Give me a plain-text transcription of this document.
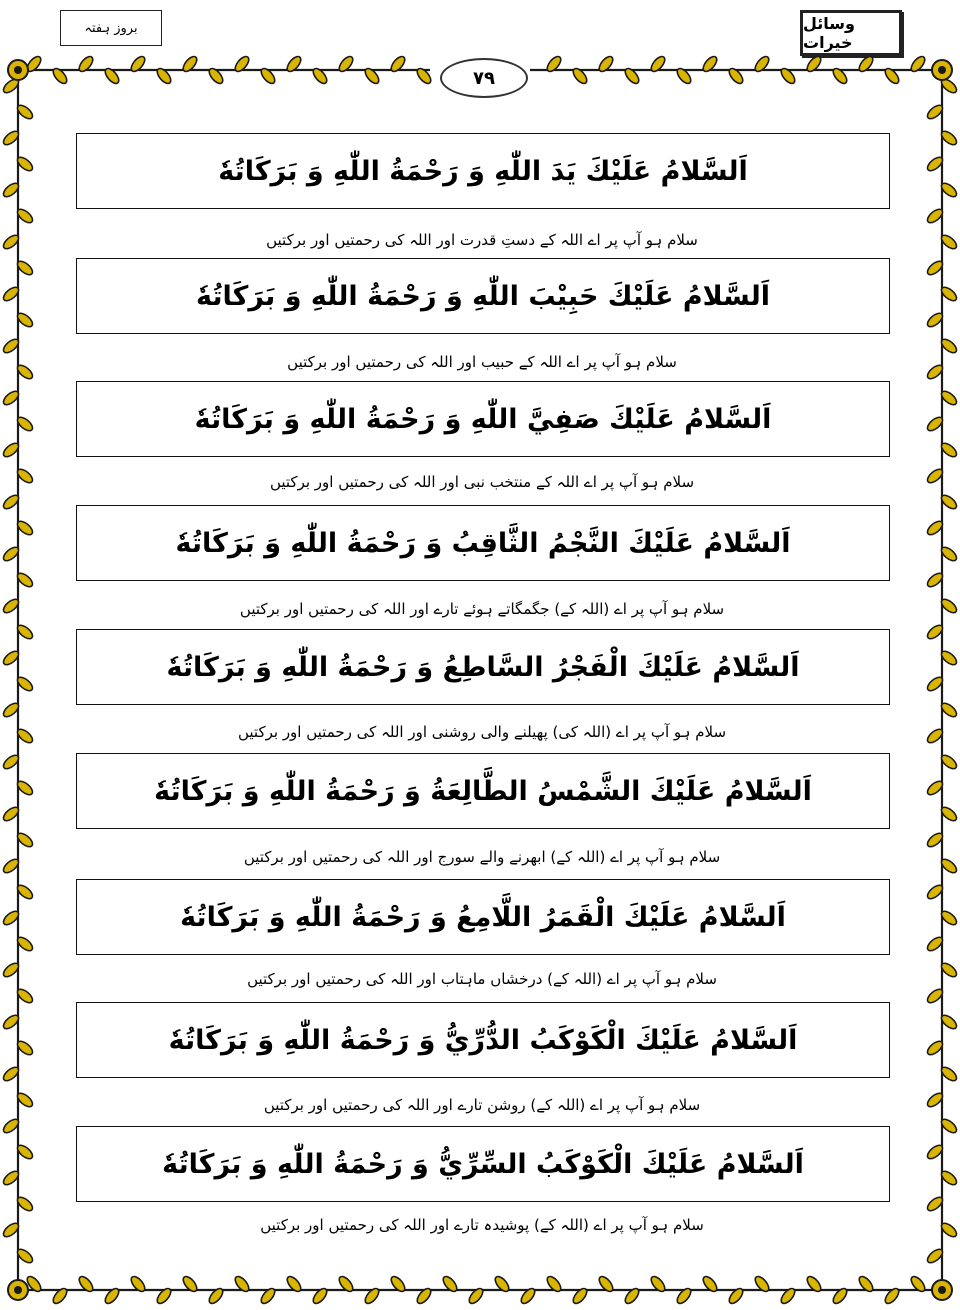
بروز ہفتہ	وسائل خیرات
٧٩
اَلسَّلامُ عَلَيْكَ يَدَ اللّٰهِ وَ رَحْمَةُ اللّٰهِ وَ بَرَكَاتُهٗ
سلام ہو آپ پر اے اللہ کے دستِ قدرت اور اللہ کی رحمتیں اور برکتیں
اَلسَّلامُ عَلَيْكَ حَبِيْبَ اللّٰهِ وَ رَحْمَةُ اللّٰهِ وَ بَرَكَاتُهٗ
سلام ہو آپ پر اے اللہ کے حبیب اور اللہ کی رحمتیں اور برکتیں
اَلسَّلامُ عَلَيْكَ صَفِيَّ اللّٰهِ وَ رَحْمَةُ اللّٰهِ وَ بَرَكَاتُهٗ
سلام ہو آپ پر اے اللہ کے منتخب نبی اور اللہ کی رحمتیں اور برکتیں
اَلسَّلامُ عَلَيْكَ النَّجْمُ الثَّاقِبُ وَ رَحْمَةُ اللّٰهِ وَ بَرَكَاتُهٗ
سلام ہو آپ پر اے (اللہ کے) جگمگاتے ہوئے تارے اور اللہ کی رحمتیں اور برکتیں
اَلسَّلامُ عَلَيْكَ الْفَجْرُ السَّاطِعُ وَ رَحْمَةُ اللّٰهِ وَ بَرَكَاتُهٗ
سلام ہو آپ پر اے (اللہ کی) پھیلنے والی روشنی اور اللہ کی رحمتیں اور برکتیں
اَلسَّلامُ عَلَيْكَ الشَّمْسُ الطَّالِعَةُ وَ رَحْمَةُ اللّٰهِ وَ بَرَكَاتُهٗ
سلام ہو آپ پر اے (اللہ کے) ابھرنے والے سورج اور اللہ کی رحمتیں اور برکتیں
اَلسَّلامُ عَلَيْكَ الْقَمَرُ اللَّامِعُ وَ رَحْمَةُ اللّٰهِ وَ بَرَكَاتُهٗ
سلام ہو آپ پر اے (اللہ کے) درخشاں ماہتاب اور اللہ کی رحمتیں اور برکتیں
اَلسَّلامُ عَلَيْكَ الْكَوْكَبُ الدُّرِّيُّ وَ رَحْمَةُ اللّٰهِ وَ بَرَكَاتُهٗ
سلام ہو آپ پر اے (اللہ کے) روشن تارے اور اللہ کی رحمتیں اور برکتیں
اَلسَّلامُ عَلَيْكَ الْكَوْكَبُ السِّرِّيُّ وَ رَحْمَةُ اللّٰهِ وَ بَرَكَاتُهٗ
سلام ہو آپ پر اے (اللہ کے) پوشیدہ تارے اور اللہ کی رحمتیں اور برکتیں
